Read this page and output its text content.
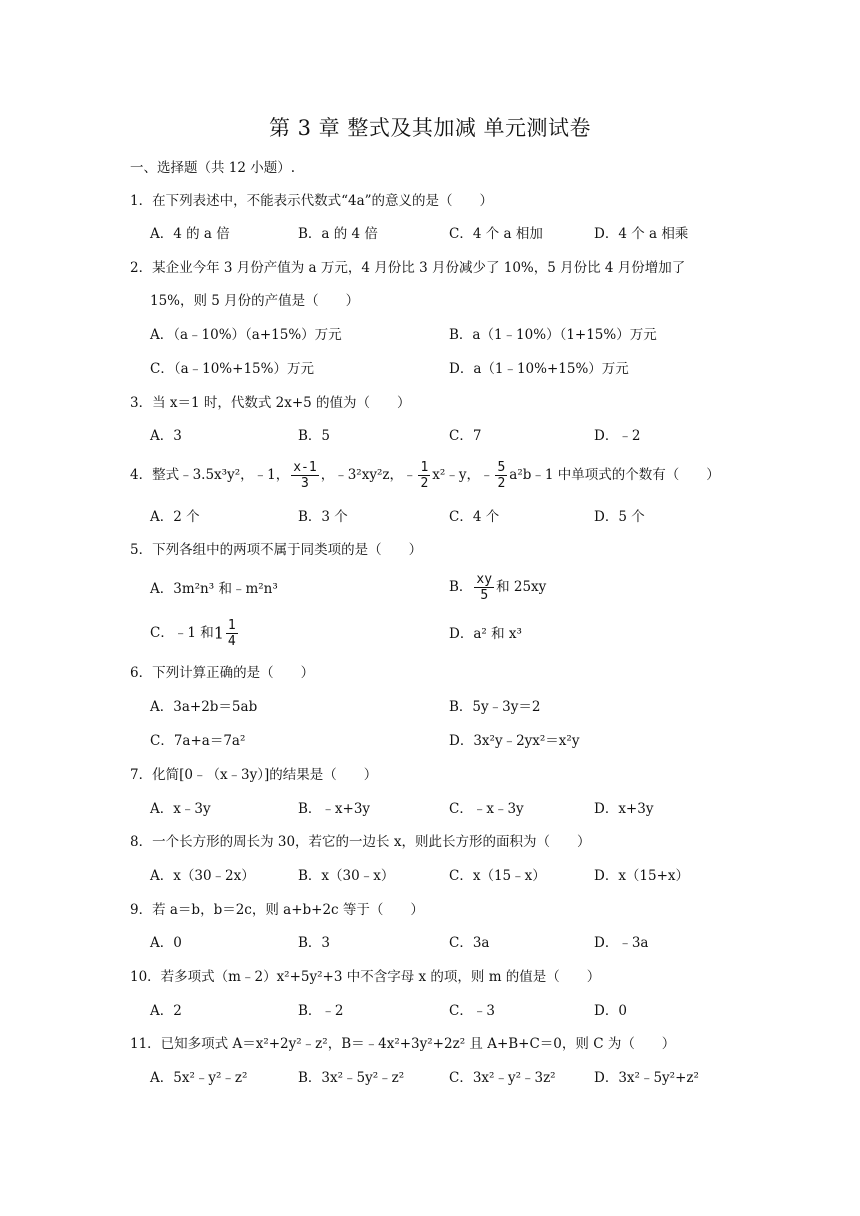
第 3 章 整式及其加减 单元测试卷
一、选择题（共 12 小题）.
1．在下列表述中，不能表示代数式“4a”的意义的是（　　）
A．4 的 a 倍	B．a 的 4 倍	C．4 个 a 相加	D．4 个 a 相乘
2．某企业今年 3 月份产值为 a 万元，4 月份比 3 月份减少了 10%，5 月份比 4 月份增加了
15%，则 5 月份的产值是（　　）
A．（a﹣10%）（a+15%）万元	B．a（1﹣10%）（1+15%）万元
C．（a﹣10%+15%）万元	D．a（1﹣10%+15%）万元
3．当 x＝1 时，代数式 2x+5 的值为（　　）
A．3	B．5	C．7	D．﹣2
4．整式﹣3.5x³y²，﹣1， $\frac{x-1}{3}$ ，﹣3²xy²z，﹣ $\frac{1}{2}$ x²﹣y，﹣ $\frac{5}{2}$ a²b﹣1 中单项式的个数有（　　）
A．2 个	B．3 个	C．4 个	D．5 个
5．下列各组中的两项不属于同类项的是（　　）
A．3m²n³ 和﹣m²n³	B． $\frac{xy}{5}$ 和 25xy
C．﹣1 和$1 \frac{1}{4}$	D．a² 和 x³
6．下列计算正确的是（　　）
A．3a+2b＝5ab	B．5y﹣3y＝2
C．7a+a＝7a²	D．3x²y﹣2yx²＝x²y
7．化简[0﹣（x﹣3y）]的结果是（　　）
A．x﹣3y	B．﹣x+3y	C．﹣x﹣3y	D．x+3y
8．一个长方形的周长为 30，若它的一边长 x，则此长方形的面积为（　　）
A．x（30﹣2x）	B．x（30﹣x）	C．x（15﹣x）	D．x（15+x）
9．若 a＝b，b＝2c，则 a+b+2c 等于（　　）
A．0	B．3	C．3a	D．﹣3a
10．若多项式（m﹣2）x²+5y²+3 中不含字母 x 的项，则 m 的值是（　　）
A．2	B．﹣2	C．﹣3	D．0
11．已知多项式 A＝x²+2y²﹣z²，B＝﹣4x²+3y²+2z² 且 A+B+C＝0，则 C 为（　　）
A．5x²﹣y²﹣z²	B．3x²﹣5y²﹣z²	C．3x²﹣y²﹣3z²	D．3x²﹣5y²+z²
